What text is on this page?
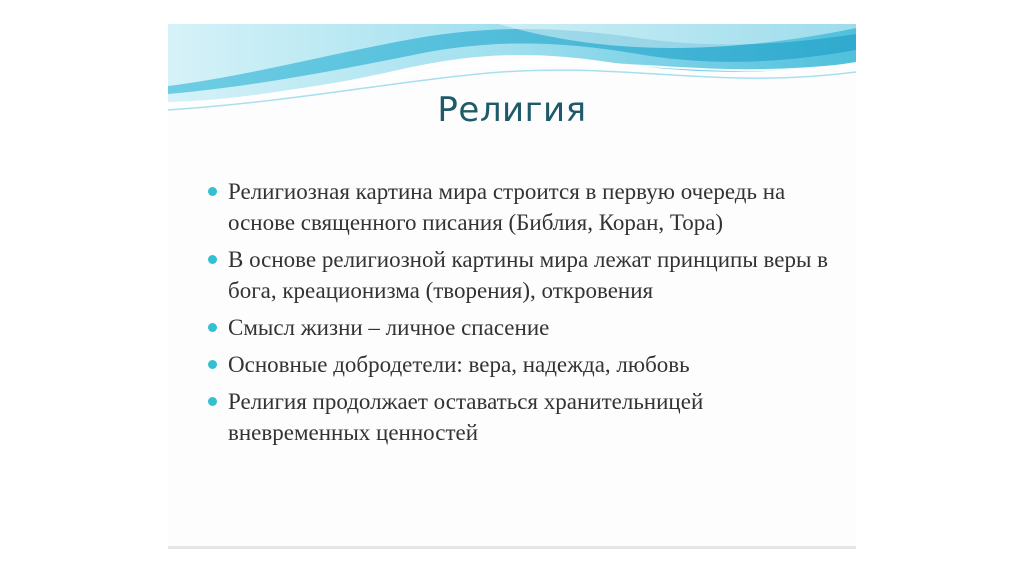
Религия
Религиозная картина мира строится в первую очередь на основе священного писания (Библия, Коран, Тора)
В основе религиозной картины мира лежат принципы веры в бога, креационизма (творения), откровения
Смысл жизни – личное спасение
Основные добродетели: вера, надежда, любовь
Религия продолжает оставаться хранительницей вневременных ценностей
